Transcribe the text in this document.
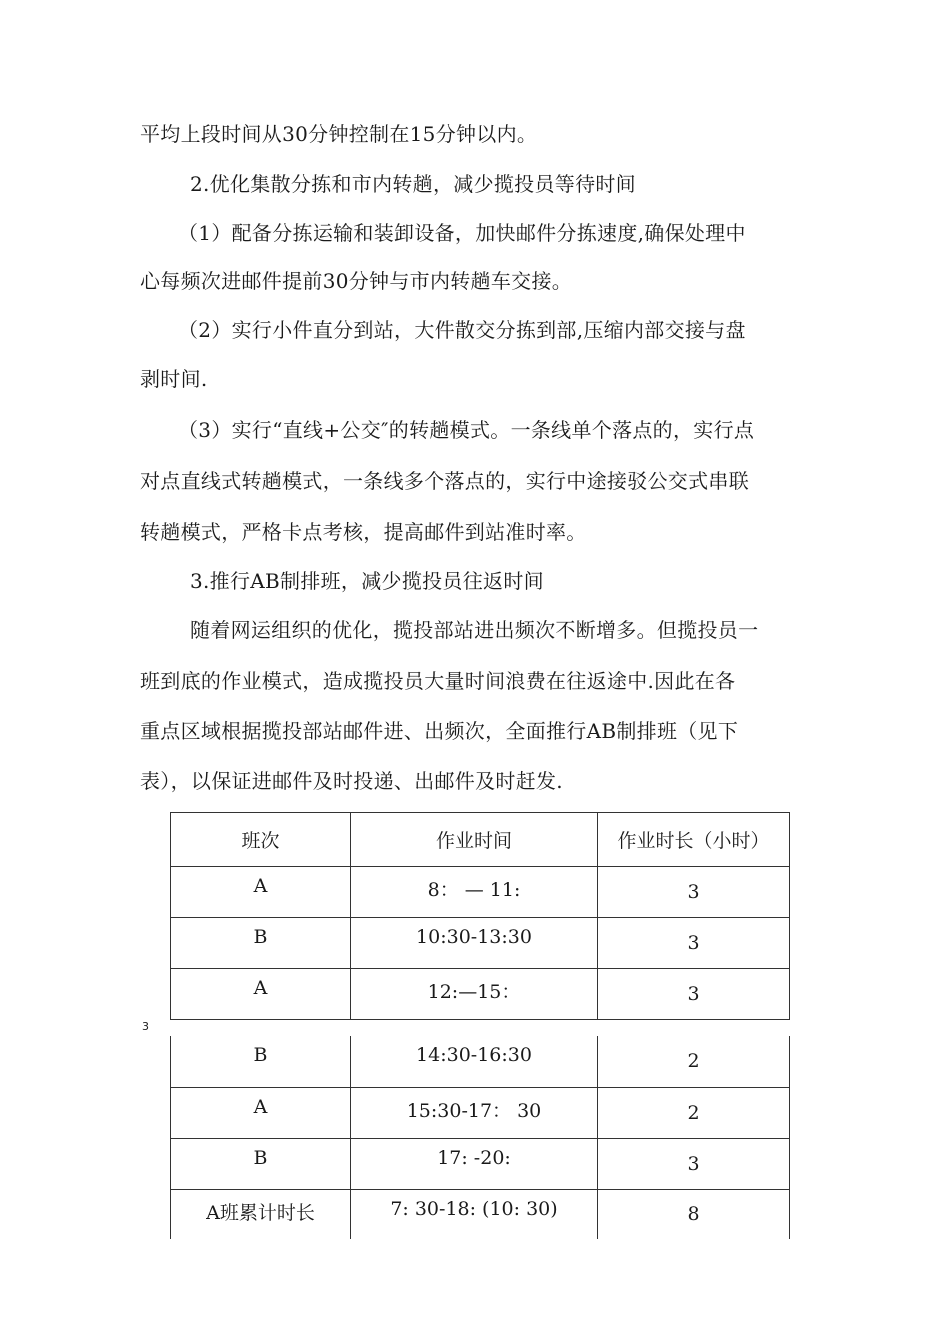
平均上段时间从30分钟控制在15分钟以内。
2.优化集散分拣和市内转趟，减少揽投员等待时间
（1）配备分拣运输和装卸设备，加快邮件分拣速度,确保处理中
心每频次进邮件提前30分钟与市内转趟车交接。
（2）实行小件直分到站，大件散交分拣到部,压缩内部交接与盘
剥时间.
（3）实行“直线+公交″的转趟模式。一条线单个落点的，实行点
对点直线式转趟模式，一条线多个落点的，实行中途接驳公交式串联
转趟模式，严格卡点考核，提高邮件到站准时率。
3.推行AB制排班，减少揽投员往返时间
随着网运组织的优化，揽投部站进出频次不断增多。但揽投员一
班到底的作业模式，造成揽投员大量时间浪费在往返途中.因此在各
重点区域根据揽投部站邮件进、出频次，全面推行AB制排班（见下
表），以保证进邮件及时投递、出邮件及时赶发.
班次	作业时间	作业时长（小时）
A	8： — 11:	3
B	10:30-13:30	3
A	12:—15：	3
3
B	14:30-16:30	2
A	15:30-17： 30	2
B	17: -20:	3
A班累计时长	7: 30-18: (10: 30)	8
